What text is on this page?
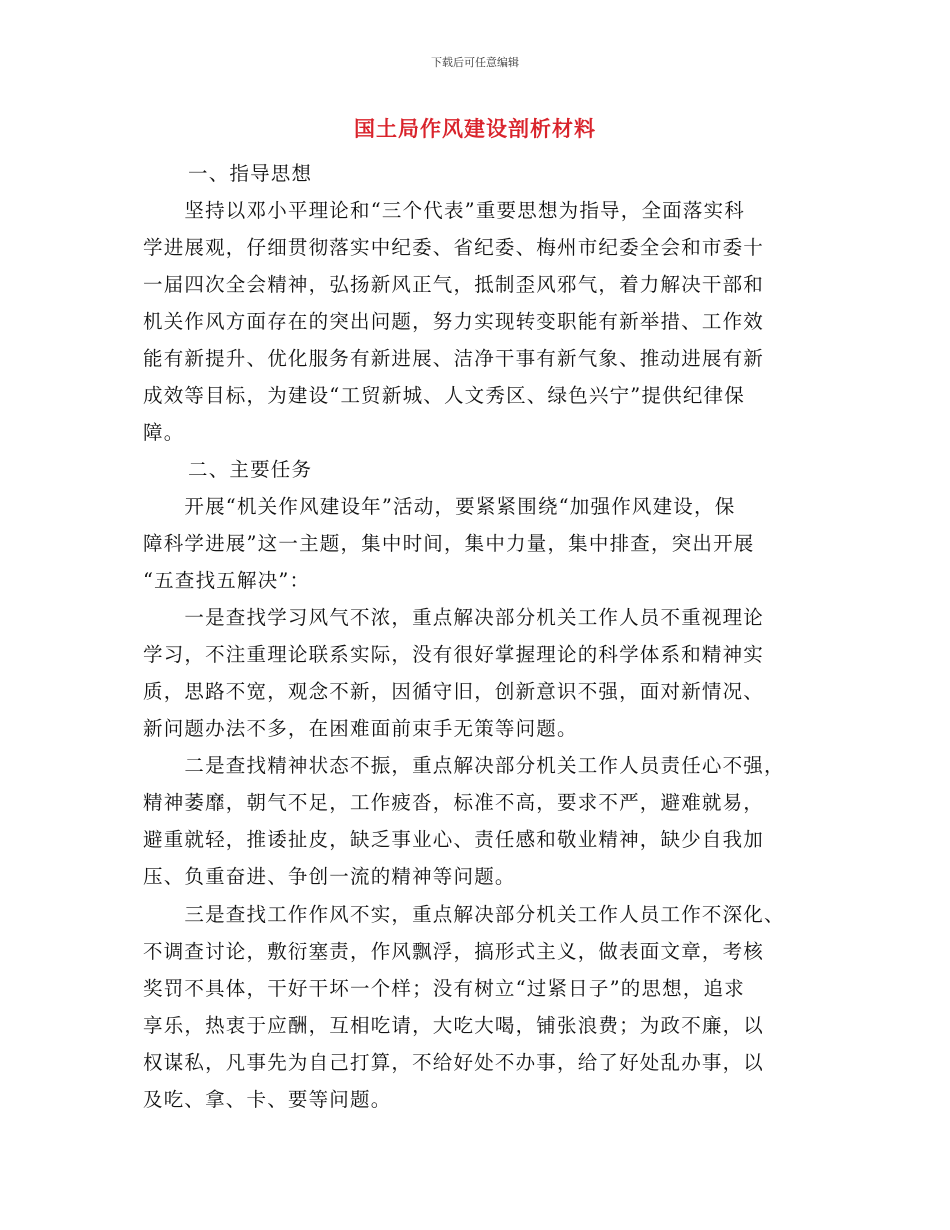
下载后可任意编辑
国土局作风建设剖析材料
一、指导思想
　　坚持以邓小平理论和“三个代表”重要思想为指导，全面落实科
学进展观，仔细贯彻落实中纪委、省纪委、梅州市纪委全会和市委十
一届四次全会精神，弘扬新风正气，抵制歪风邪气，着力解决干部和
机关作风方面存在的突出问题，努力实现转变职能有新举措、工作效
能有新提升、优化服务有新进展、洁净干事有新气象、推动进展有新
成效等目标，为建设“工贸新城、人文秀区、绿色兴宁”提供纪律保
障。
二、主要任务
　　开展“机关作风建设年”活动，要紧紧围绕“加强作风建设，保
障科学进展”这一主题，集中时间，集中力量，集中排查，突出开展
“五查找五解决”：
　　一是查找学习风气不浓，重点解决部分机关工作人员不重视理论
学习，不注重理论联系实际，没有很好掌握理论的科学体系和精神实
质，思路不宽，观念不新，因循守旧，创新意识不强，面对新情况、
新问题办法不多，在困难面前束手无策等问题。
　　二是查找精神状态不振，重点解决部分机关工作人员责任心不强，
精神萎靡，朝气不足，工作疲沓，标准不高，要求不严，避难就易，
避重就轻，推诿扯皮，缺乏事业心、责任感和敬业精神，缺少自我加
压、负重奋进、争创一流的精神等问题。
　　三是查找工作作风不实，重点解决部分机关工作人员工作不深化、
不调查讨论，敷衍塞责，作风飘浮，搞形式主义，做表面文章，考核
奖罚不具体，干好干坏一个样；没有树立“过紧日子”的思想，追求
享乐，热衷于应酬，互相吃请，大吃大喝，铺张浪费；为政不廉，以
权谋私，凡事先为自己打算，不给好处不办事，给了好处乱办事，以
及吃、拿、卡、要等问题。
